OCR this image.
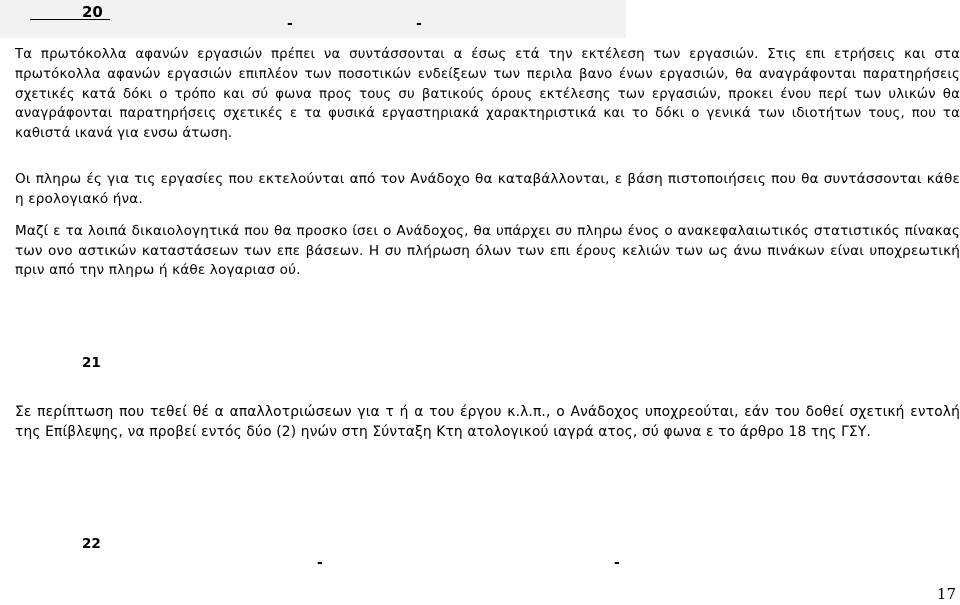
20
-	-
Τα πρωτόκολλα αφανών εργασιών πρέπει να συντάσσονται α έσως ετά την εκτέλεση των εργασιών. Στις επι ετρήσεις και στα πρωτόκολλα αφανών εργασιών επιπλέον των ποσοτικών ενδείξεων των περιλα βανο ένων εργασιών, θα αναγράφονται παρατηρήσεις σχετικές κατά δόκι ο τρόπο και σύ φωνα προς τους συ βατικούς όρους εκτέλεσης των εργασιών, προκει ένου περί των υλικών θα αναγράφονται παρατηρήσεις σχετικές ε τα φυσικά εργαστηριακά χαρακτηριστικά και το δόκι ο γενικά των ιδιοτήτων τους, που τα καθιστά ικανά για ενσω άτωση.
Οι πληρω ές για τις εργασίες που εκτελούνται από τον Ανάδοχο θα καταβάλλονται, ε βάση πιστοποιήσεις που θα συντάσσονται κάθε η ερολογιακό ήνα.
Μαζί ε τα λοιπά δικαιολογητικά που θα προσκο ίσει ο Ανάδοχος, θα υπάρχει συ πληρω ένος ο ανακεφαλαιωτικός στατιστικός πίνακας των ονο αστικών καταστάσεων των επε βάσεων. Η συ πλήρωση όλων των επι έρους κελιών των ως άνω πινάκων είναι υποχρεωτική πριν από την πληρω ή κάθε λογαριασ ού.
21
Σε περίπτωση που τεθεί θέ α απαλλοτριώσεων για τ ή α του έργου κ.λ.π., ο Ανάδοχος υποχρεούται, εάν του δοθεί σχετική εντολή της Επίβλεψης, να προβεί εντός δύο (2) ηνών στη Σύνταξη Κτη ατολογικού ιαγρά ατος, σύ φωνα ε το άρθρο 18 της ΓΣΥ.
22
-	-
17
